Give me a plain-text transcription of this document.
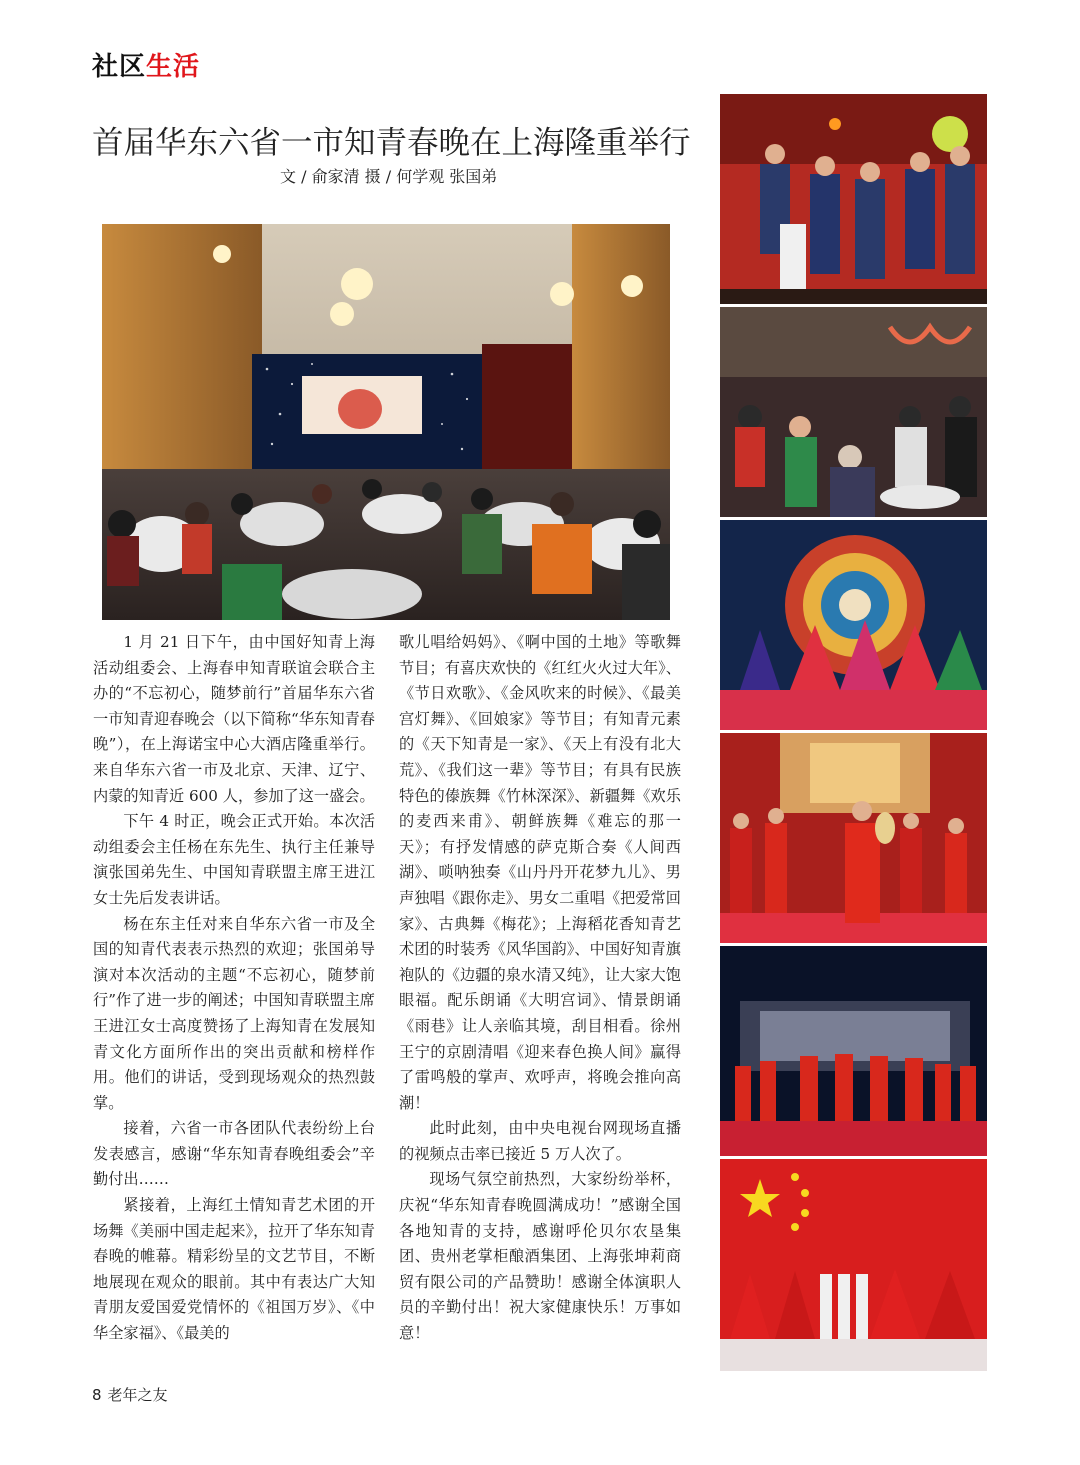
社区生活
首届华东六省一市知青春晚在上海隆重举行
文 / 俞家清 摄 / 何学观 张国弟

1 月 21 日下午，由中国好知青上海活动组委会、上海春申知青联谊会联合主办的“不忘初心，随梦前行”首届华东六省一市知青迎春晚会（以下简称“华东知青春晚”），在上海诺宝中心大酒店隆重举行。来自华东六省一市及北京、天津、辽宁、内蒙的知青近 600 人，参加了这一盛会。

下午 4 时正，晚会正式开始。本次活动组委会主任杨在东先生、执行主任兼导演张国弟先生、中国知青联盟主席王进江女士先后发表讲话。

杨在东主任对来自华东六省一市及全国的知青代表表示热烈的欢迎；张国弟导演对本次活动的主题“不忘初心，随梦前行”作了进一步的阐述；中国知青联盟主席王进江女士高度赞扬了上海知青在发展知青文化方面所作出的突出贡献和榜样作用。他们的讲话，受到现场观众的热烈鼓掌。

接着，六省一市各团队代表纷纷上台发表感言，感谢“华东知青春晚组委会”辛勤付出……

紧接着，上海红土情知青艺术团的开场舞《美丽中国走起来》，拉开了华东知青春晚的帷幕。精彩纷呈的文艺节目，不断地展现在观众的眼前。其中有表达广大知青朋友爱国爱党情怀的《祖国万岁》、《中华全家福》、《最美的

歌儿唱给妈妈》、《啊中国的土地》等歌舞节目；有喜庆欢快的《红红火火过大年》、《节日欢歌》、《金风吹来的时候》、《最美宫灯舞》、《回娘家》等节目；有知青元素的《天下知青是一家》、《天上有没有北大荒》、《我们这一辈》等节目；有具有民族特色的傣族舞《竹林深深》、新疆舞《欢乐的麦西来甫》、朝鲜族舞《难忘的那一天》；有抒发情感的萨克斯合奏《人间西湖》、唢呐独奏《山丹丹开花梦九儿》、男声独唱《跟你走》、男女二重唱《把爱常回家》、古典舞《梅花》；上海稻花香知青艺术团的时装秀《风华国韵》、中国好知青旗袍队的《边疆的泉水清又纯》，让大家大饱眼福。配乐朗诵《大明宫词》、情景朗诵《雨巷》让人亲临其境，刮目相看。徐州王宁的京剧清唱《迎来春色换人间》赢得了雷鸣般的掌声、欢呼声，将晚会推向高潮！

此时此刻，由中央电视台网现场直播的视频点击率已接近 5 万人次了。

现场气氛空前热烈，大家纷纷举杯，庆祝“华东知青春晚圆满成功！”感谢全国各地知青的支持，感谢呼伦贝尔农垦集团、贵州老掌柜酿酒集团、上海张坤莉商贸有限公司的产品赞助！感谢全体演职人员的辛勤付出！祝大家健康快乐！万事如意！

8 老年之友
